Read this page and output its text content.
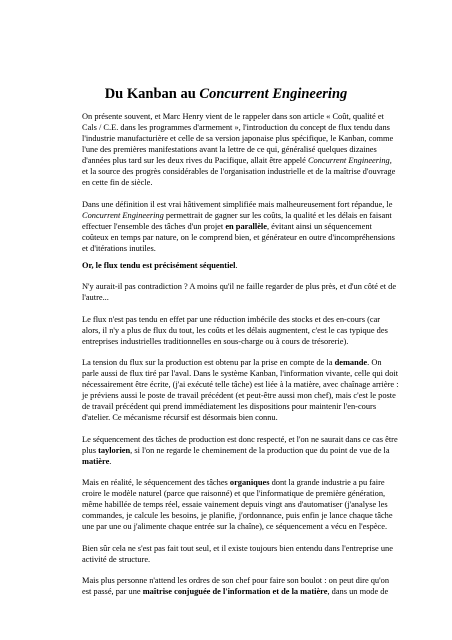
Du Kanban au Concurrent Engineering

On présente souvent, et Marc Henry vient de le rappeler dans son article « Coût, qualité et
Cals / C.E. dans les programmes d'armement », l'introduction du concept de flux tendu dans
l'industrie manufacturière et celle de sa version japonaise plus spécifique, le Kanban, comme
l'une des premières manifestations avant la lettre de ce qui, généralisé quelques dizaines
d'années plus tard sur les deux rives du Pacifique, allait être appelé Concurrent Engineering,
et la source des progrès considérables de l'organisation industrielle et de la maîtrise d'ouvrage
en cette fin de siècle.

Dans une définition il est vrai hâtivement simplifiée mais malheureusement fort répandue, le
Concurrent Engineering permettrait de gagner sur les coûts, la qualité et les délais en faisant
effectuer l'ensemble des tâches d'un projet en parallèle, évitant ainsi un séquencement
coûteux en temps par nature, on le comprend bien, et générateur en outre d'incompréhensions
et d'itérations inutiles.

Or, le flux tendu est précisément séquentiel.

N'y aurait-il pas contradiction ? A moins qu'il ne faille regarder de plus près, et d'un côté et de
l'autre...

Le flux n'est pas tendu en effet par une réduction imbécile des stocks et des en-cours (car
alors, il n'y a plus de flux du tout, les coûts et les délais augmentent, c'est le cas typique des
entreprises industrielles traditionnelles en sous-charge ou à cours de trésorerie).

La tension du flux sur la production est obtenu par la prise en compte de la demande. On
parle aussi de flux tiré par l'aval. Dans le système Kanban, l'information vivante, celle qui doit
nécessairement être écrite, (j'ai exécuté telle tâche) est liée à la matière, avec chaînage arrière :
je préviens aussi le poste de travail précédent (et peut-être aussi mon chef), mais c'est le poste
de travail précédent qui prend immédiatement les dispositions pour maintenir l'en-cours
d'atelier. Ce mécanisme récursif est désormais bien connu.

Le séquencement des tâches de production est donc respecté, et l'on ne saurait dans ce cas être
plus taylorien, si l'on ne regarde le cheminement de la production que du point de vue de la
matière.

Mais en réalité, le séquencement des tâches organiques dont la grande industrie a pu faire
croire le modèle naturel (parce que raisonné) et que l'informatique de première génération,
même habillée de temps réel, essaie vainement depuis vingt ans d'automatiser (j'analyse les
commandes, je calcule les besoins, je planifie, j'ordonnance, puis enfin je lance chaque tâche
une par une ou j'alimente chaque entrée sur la chaîne), ce séquencement a vécu en l'espèce.

Bien sûr cela ne s'est pas fait tout seul, et il existe toujours bien entendu dans l'entreprise une
activité de structure.

Mais plus personne n'attend les ordres de son chef pour faire son boulot : on peut dire qu'on
est passé, par une maîtrise conjuguée de l'information et de la matière, dans un mode de
